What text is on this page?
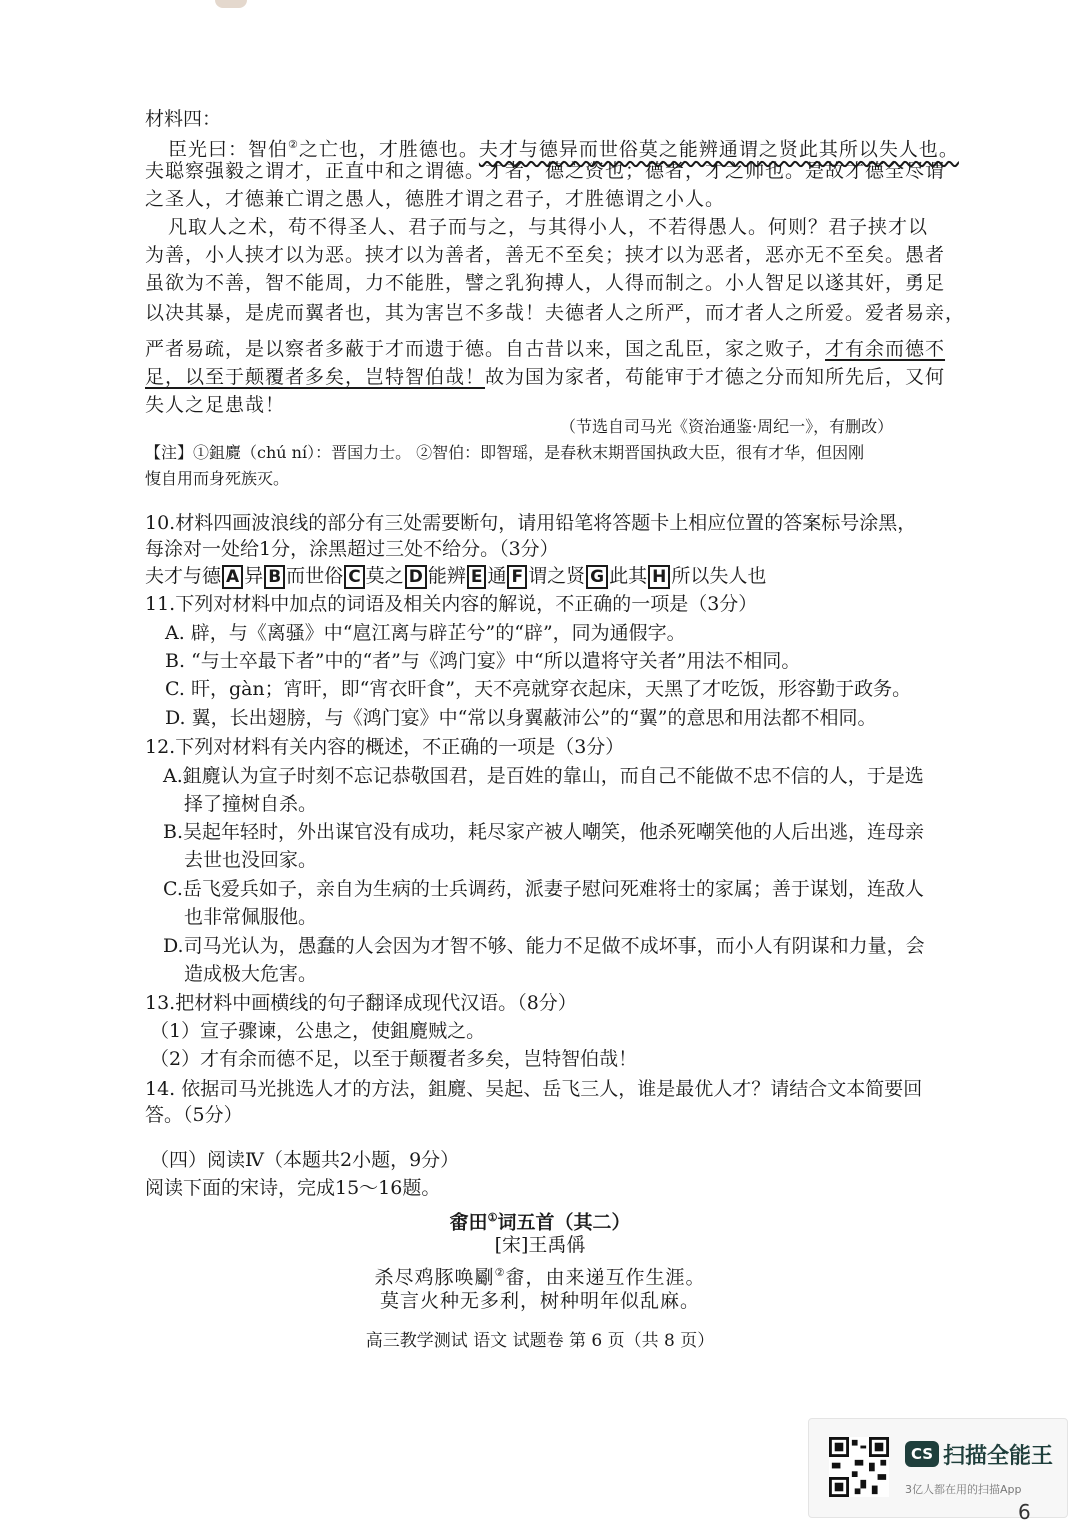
材料四：
臣光曰：智伯②之亡也，才胜德也。夫才与德异而世俗莫之能辨通谓之贤此其所以失人也。
夫聪察强毅之谓才，正直中和之谓德。才者，德之资也；德者，才之帅也。是故才德全尽谓
之圣人，才德兼亡谓之愚人，德胜才谓之君子，才胜德谓之小人。
凡取人之术，苟不得圣人、君子而与之，与其得小人，不若得愚人。何则？君子挟才以
为善，小人挟才以为恶。挟才以为善者，善无不至矣；挟才以为恶者，恶亦无不至矣。愚者
虽欲为不善，智不能周，力不能胜，譬之乳狗搏人，人得而制之。小人智足以遂其奸，勇足
以决其暴，是虎而翼者也，其为害岂不多哉！夫德者人之所严，而才者人之所爱。爱者易亲，
严者易疏，是以察者多蔽于才而遗于德。自古昔以来，国之乱臣，家之败子，才有余而德不
足，以至于颠覆者多矣，岂特智伯哉！故为国为家者，苟能审于才德之分而知所先后，又何
失人之足患哉！
（节选自司马光《资治通鉴·周纪一》，有删改）
【注】①鉏麑（chú ní）：晋国力士。 ②智伯：即智瑶，是春秋末期晋国执政大臣，很有才华，但因刚
愎自用而身死族灭。
10.材料四画波浪线的部分有三处需要断句，请用铅笔将答题卡上相应位置的答案标号涂黑，
每涂对一处给1分，涂黑超过三处不给分。（3分）
夫才与德 A 异 B 而世俗 C 莫之 D 能辨 E 通 F 谓之贤 G 此其 H 所以失人也
11.下列对材料中加点的词语及相关内容的解说，不正确的一项是（3分）
A. 辟，与《离骚》中“扈江离与辟芷兮”的“辟”，同为通假字。
B. “与士卒最下者”中的“者”与《鸿门宴》中“所以遣将守关者”用法不相同。
C. 旰，gàn；宵旰，即“宵衣旰食”，天不亮就穿衣起床，天黑了才吃饭，形容勤于政务。
D. 翼，长出翅膀，与《鸿门宴》中“常以身翼蔽沛公”的“翼”的意思和用法都不相同。
12.下列对材料有关内容的概述，不正确的一项是（3分）
A.鉏麑认为宣子时刻不忘记恭敬国君，是百姓的靠山，而自己不能做不忠不信的人，于是选
择了撞树自杀。
B.吴起年轻时，外出谋官没有成功，耗尽家产被人嘲笑，他杀死嘲笑他的人后出逃，连母亲
去世也没回家。
C.岳飞爱兵如子，亲自为生病的士兵调药，派妻子慰问死难将士的家属；善于谋划，连敌人
也非常佩服他。
D.司马光认为，愚蠢的人会因为才智不够、能力不足做不成坏事，而小人有阴谋和力量，会
造成极大危害。
13.把材料中画横线的句子翻译成现代汉语。（8分）
（1）宣子骤谏，公患之，使鉏麑贼之。
（2）才有余而德不足，以至于颠覆者多矣，岂特智伯哉！
14. 依据司马光挑选人才的方法，鉏麑、吴起、岳飞三人，谁是最优人才？请结合文本简要回
答。（5分）
（四）阅读Ⅳ（本题共2小题，9分）
阅读下面的宋诗，完成15～16题。
畬田①词五首（其二）
[宋]王禹偁
杀尽鸡豚唤劚②畬，由来递互作生涯。
莫言火种无多利，树种明年似乱麻。
高三教学测试 语文 试题卷 第 6 页（共 8 页）
CS 扫描全能王
3亿人都在用的扫描App
6
